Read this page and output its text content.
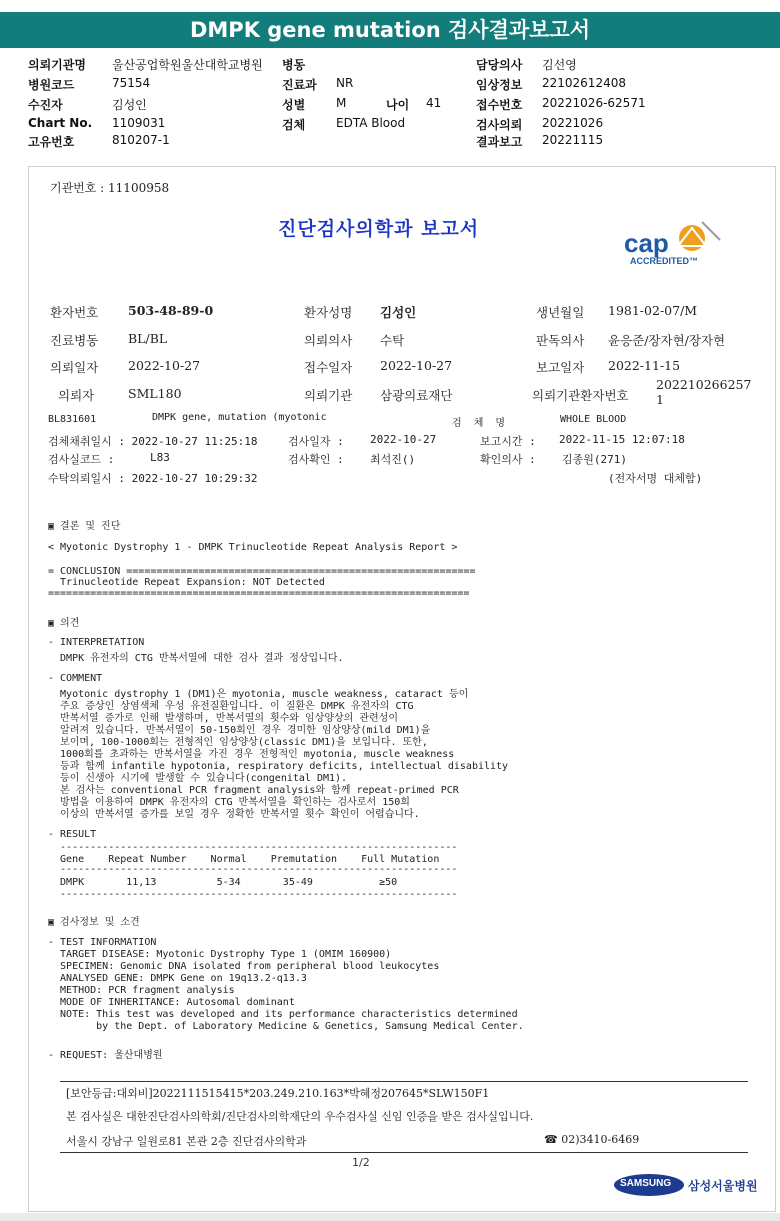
DMPK gene mutation 검사결과보고서
의뢰기관명 울산공업학원울산대학교병원
병원코드	75154
수진자	김성인
Chart No. 1109031
고유번호	810207-1
병동
진료과 NR
성별	M	나이 41
검체	EDTA Blood
담당의사 김선영
임상정보 22102612408
접수번호 20221026-62571
검사의뢰 20221026
결과보고 20221115
기관번호 : 11100958
진단검사의학과 보고서	cap
ACCREDITED™
환자번호 503-48-89-0	환자성명 김성인	생년월일 1981-02-07/M
진료병동 BL/BL	의뢰의사 수탁	판독의사 윤응준/장자현/장자현
의뢰일자 2022-10-27	접수일자 2022-10-27	보고일자 2022-11-15
의뢰자	SML180	의뢰기관 삼광의료재단	의뢰기관환자번호
202210266257
1
BL831601	DMPK gene, mutation (myotonic
검  체  명	WHOLE BLOOD
검체채취일시 : 2022-10-27 11:25:18	검사일자 : 2022-10-27	보고시간 : 2022-11-15 12:07:18
검사실코드 :	L83	검사확인 : 최석진()	확인의사 : 김종원(271)
수탁의뢰일시 : 2022-10-27 10:29:32	(전자서명 대체함)
▣ 결론 및 진단
< Myotonic Dystrophy 1 - DMPK Trinucleotide Repeat Analysis Report >
= CONCLUSION ==========================================================
Trinucleotide Repeat Expansion: NOT Detected
======================================================================
▣ 의견
- INTERPRETATION
DMPK 유전자의 CTG 반복서열에 대한 검사 결과 정상입니다.
- COMMENT
Myotonic dystrophy 1 (DM1)은 myotonia, muscle weakness, cataract 등이
주요 증상인 상염색체 우성 유전질환입니다. 이 질환은 DMPK 유전자의 CTG
반복서열 증가로 인해 발생하며, 반복서열의 횟수와 임상양상의 관련성이
알려져 있습니다. 반복서열이 50-150회인 경우 경미한 임상양상(mild DM1)을
보이며, 100-1000회는 전형적인 임상양상(classic DM1)을 보입니다. 또한,
1000회를 초과하는 반복서열을 가진 경우 전형적인 myotonia, muscle weakness
등과 함께 infantile hypotonia, respiratory deficits, intellectual disability
등이 신생아 시기에 발생할 수 있습니다(congenital DM1).
본 검사는 conventional PCR fragment analysis와 함께 repeat-primed PCR
방법을 이용하여 DMPK 유전자의 CTG 반복서열을 확인하는 검사로서 150회
이상의 반복서열 증가를 보일 경우 정확한 반복서열 횟수 확인이 어렵습니다.
- RESULT
------------------------------------------------------------------
Gene    Repeat Number    Normal    Premutation    Full Mutation
------------------------------------------------------------------
DMPK       11,13          5-34       35-49           ≥50
------------------------------------------------------------------
▣ 검사정보 및 소견
- TEST INFORMATION
TARGET DISEASE: Myotonic Dystrophy Type 1 (OMIM 160900)
SPECIMEN: Genomic DNA isolated from peripheral blood leukocytes
ANALYSED GENE: DMPK Gene on 19q13.2-q13.3
METHOD: PCR fragment analysis
MODE OF INHERITANCE: Autosomal dominant
NOTE: This test was developed and its performance characteristics determined
by the Dept. of Laboratory Medicine & Genetics, Samsung Medical Center.
- REQUEST: 울산대병원
[보안등급:대외비]2022111515415*203.249.210.163*박혜정207645*SLW150F1
본 검사실은 대한진단검사의학회/진단검사의학재단의 우수검사실 신임 인증을 받은 검사실입니다.
서울시 강남구 일원로81 본관 2층 진단검사의학과	☎ 02)3410-6469
1/2
SAMSUNG 삼성서울병원
